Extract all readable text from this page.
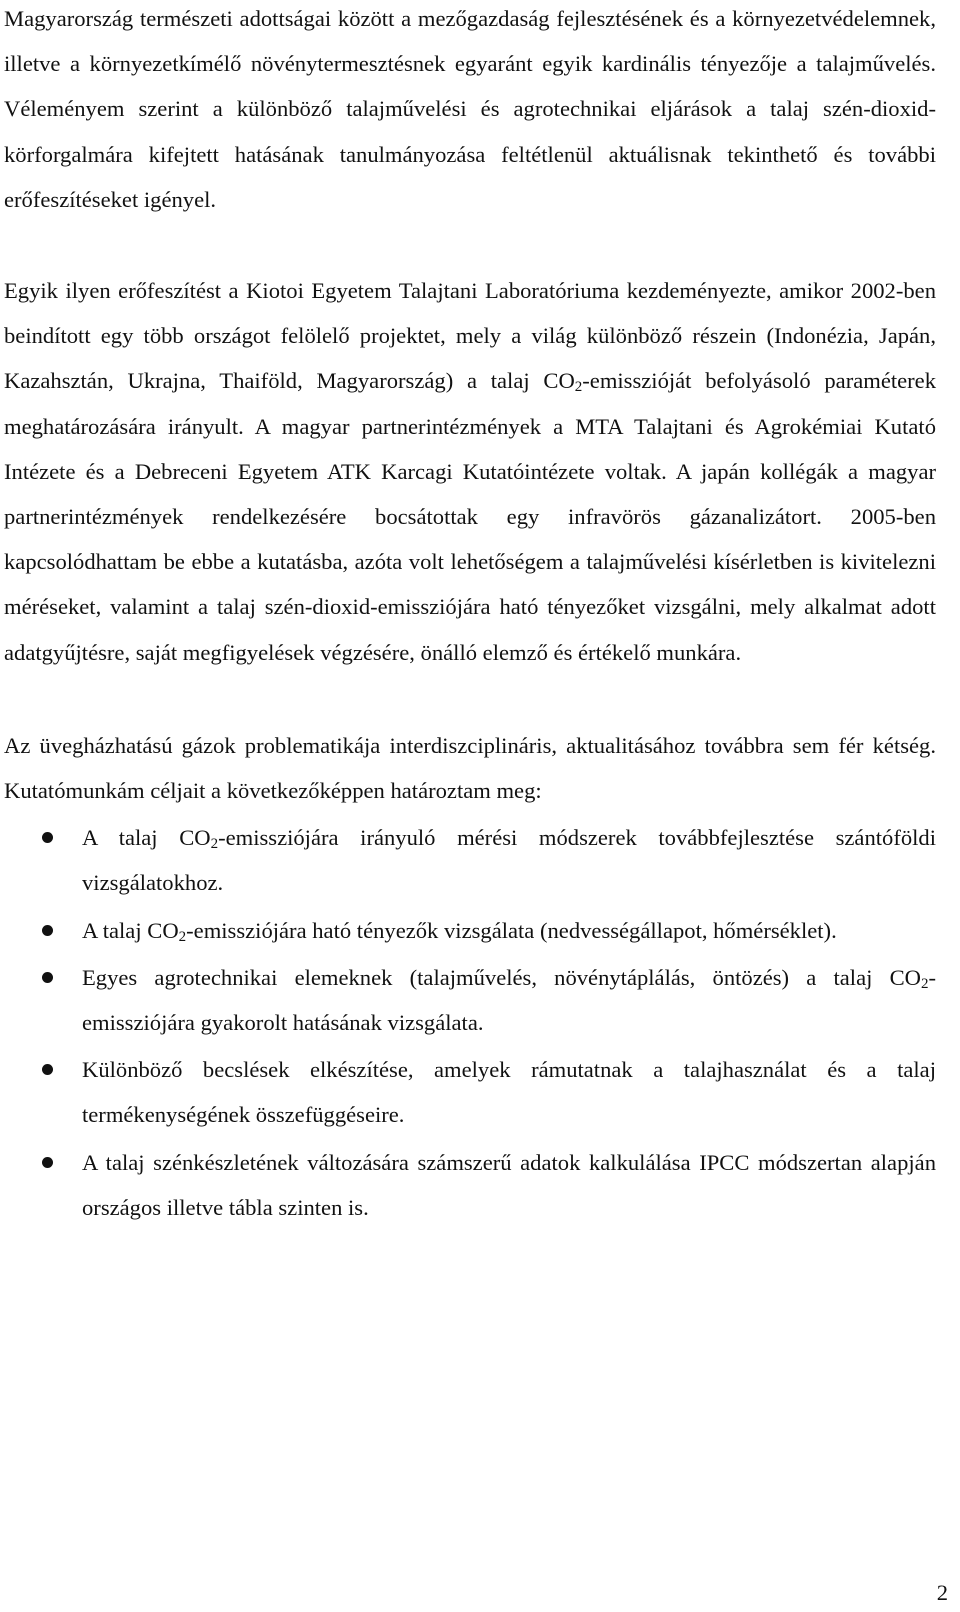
Magyarország természeti adottságai között a mezőgazdaság fejlesztésének és a környezetvédelemnek, illetve a környezetkímélő növénytermesztésnek egyaránt egyik kardinális tényezője a talajművelés. Véleményem szerint a különböző talajművelési és agrotechnikai eljárások a talaj szén-dioxid-körforgalmára kifejtett hatásának tanulmányozása feltétlenül aktuálisnak tekinthető és további erőfeszítéseket igényel.

Egyik ilyen erőfeszítést a Kiotoi Egyetem Talajtani Laboratóriuma kezdeményezte, amikor 2002-ben beindított egy több országot felölelő projektet, mely a világ különböző részein (Indonézia, Japán, Kazahsztán, Ukrajna, Thaiföld, Magyarország) a talaj $CO_2$-emisszióját befolyásoló paraméterek meghatározására irányult. A magyar partnerintézmények a MTA Talajtani és Agrokémiai Kutató Intézete és a Debreceni Egyetem ATK Karcagi Kutatóintézete voltak. A japán kollégák a magyar partnerintézmények rendelkezésére bocsátottak egy infravörös gázanalizátort. 2005-ben kapcsolódhattam be ebbe a kutatásba, azóta volt lehetőségem a talajművelési kísérletben is kivitelezni méréseket, valamint a talaj szén-dioxid-emissziójára ható tényezőket vizsgálni, mely alkalmat adott adatgyűjtésre, saját megfigyelések végzésére, önálló elemző és értékelő munkára.

Az üvegházhatású gázok problematikája interdiszciplináris, aktualitásához továbbra sem fér kétség. Kutatómunkám céljait a következőképpen határoztam meg:

A talaj $CO_2$-emissziójára irányuló mérési módszerek továbbfejlesztése szántóföldi vizsgálatokhoz.
A talaj $CO_2$-emissziójára ható tényezők vizsgálata (nedvességállapot, hőmérséklet).
Egyes agrotechnikai elemeknek (talajművelés, növénytáplálás, öntözés) a talaj $CO_2$-emissziójára gyakorolt hatásának vizsgálata.
Különböző becslések elkészítése, amelyek rámutatnak a talajhasználat és a talaj termékenységének összefüggéseire.
A talaj szénkészletének változására számszerű adatok kalkulálása IPCC módszertan alapján országos illetve tábla szinten is.
2
